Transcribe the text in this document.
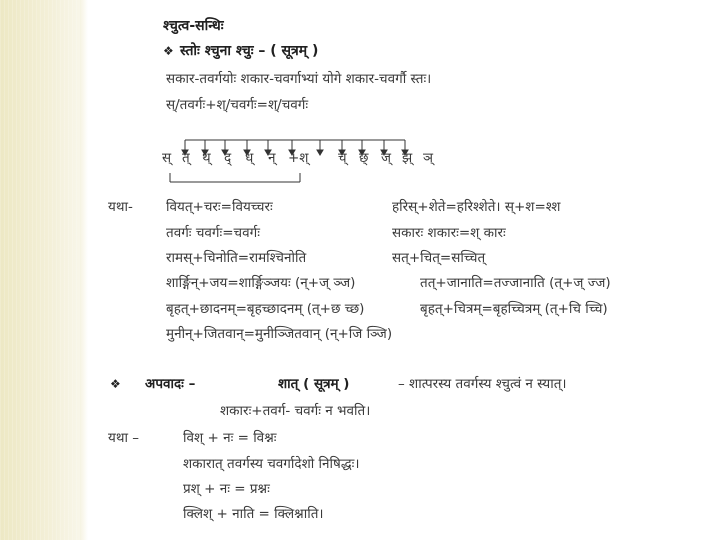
श्चुत्व-सन्धिः
❖ स्तोः श्चुना श्चुः – ( सूत्रम् )
सकार-तवर्गयोः शकार-चवर्गाभ्यां योगे शकार-चवर्गौ स्तः।
स्/तवर्गः+श्/चवर्गः=श्/चवर्गः
स् त् थ् द् ध् न् +श् च् छ् ज् झ् ञ्
यथा- वियत्+चरः=वियच्चरः	हरिस्+शेते=हरिश्शेते। स्+श=श्श
तवर्गः चवर्गः=चवर्गः	सकारः शकारः=श् कारः
रामस्+चिनोति=रामश्चिनोति	सत्+चित्=सच्चित्
शार्ङ्गिन्+जय=शार्ङ्गिञ्जयः (न्+ज् ञ्ज)	तत्+जानाति=तज्जानाति (त्+ज् ज्ज)
बृहत्+छादनम्=बृहच्छादनम् (त्+छ च्छ)	बृहत्+चित्रम्=बृहच्चित्रम् (त्+चि च्चि)
मुनीन्+जितवान्=मुनीञ्जितवान् (न्+जि ञ्जि)
❖ अपवादः –	शात् ( सूत्रम् )	– शात्परस्य तवर्गस्य श्चुत्वं न स्यात्।
शकारः+तवर्ग- चवर्गः न भवति।
यथा –	विश् + नः = विश्नः
शकारात् तवर्गस्य चवर्गादेशो निषिद्धः।
प्रश् + नः = प्रश्नः
क्लिश् + नाति = क्लिश्नाति।
